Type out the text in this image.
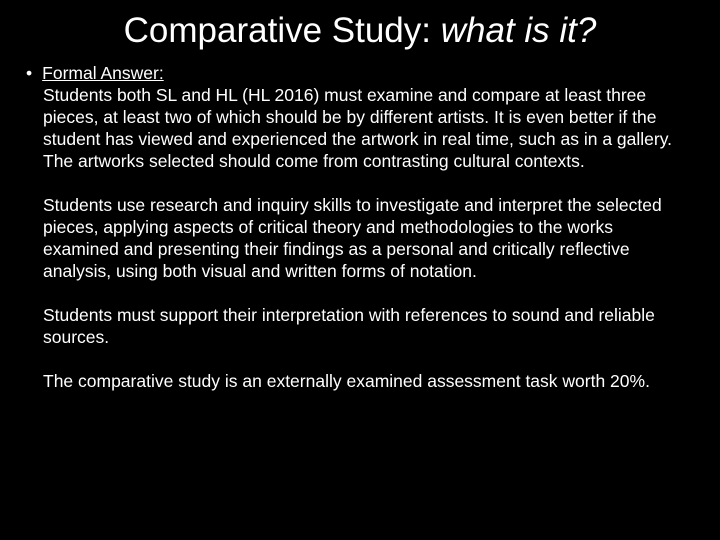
Comparative Study: what is it?

• Formal Answer:

Students both SL and HL (HL 2016) must examine and compare at least three pieces, at least two of which should be by different artists. It is even better if the student has viewed and experienced the artwork in real time, such as in a gallery. The artworks selected should come from contrasting cultural contexts.

Students use research and inquiry skills to investigate and interpret the selected pieces, applying aspects of critical theory and methodologies to the works examined and presenting their findings as a personal and critically reflective analysis, using both visual and written forms of notation.

Students must support their interpretation with references to sound and reliable sources.

The comparative study is an externally examined assessment task worth 20%.
